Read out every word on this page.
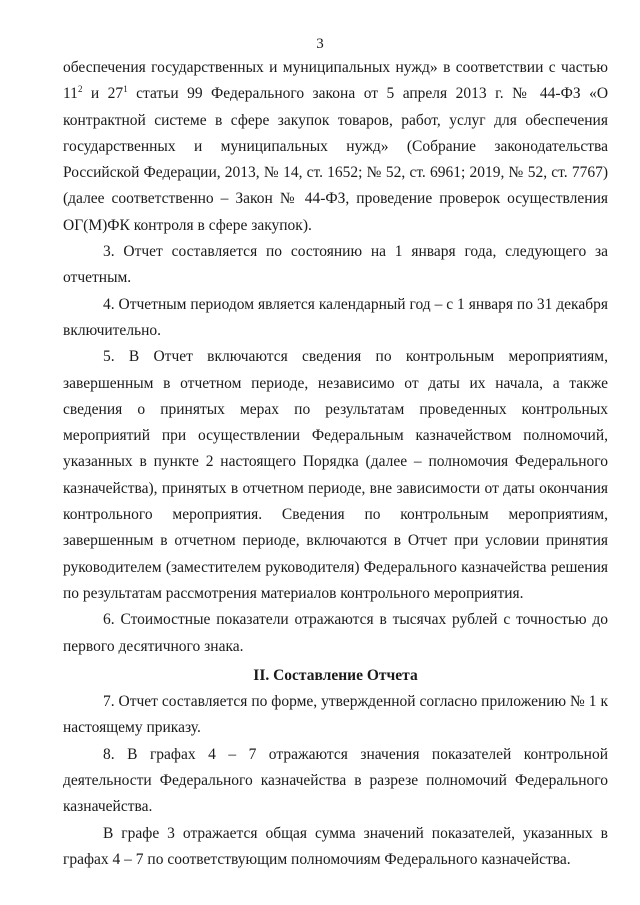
3

обеспечения государственных и муниципальных нужд» в соответствии с частью $11^2$ и $27^1$ статьи 99 Федерального закона от 5 апреля 2013 г. № 44-ФЗ «О контрактной системе в сфере закупок товаров, работ, услуг для обеспечения государственных и муниципальных нужд» (Собрание законодательства Российской Федерации, 2013, № 14, ст. 1652; № 52, ст. 6961; 2019, № 52, ст. 7767) (далее соответственно – Закон № 44-ФЗ, проведение проверок осуществления ОГ(М)ФК контроля в сфере закупок).

3. Отчет составляется по состоянию на 1 января года, следующего за отчетным.

4. Отчетным периодом является календарный год – с 1 января по 31 декабря включительно.

5. В Отчет включаются сведения по контрольным мероприятиям, завершенным в отчетном периоде, независимо от даты их начала, а также сведения о принятых мерах по результатам проведенных контрольных мероприятий при осуществлении Федеральным казначейством полномочий, указанных в пункте 2 настоящего Порядка (далее – полномочия Федерального казначейства), принятых в отчетном периоде, вне зависимости от даты окончания контрольного мероприятия. Сведения по контрольным мероприятиям, завершенным в отчетном периоде, включаются в Отчет при условии принятия руководителем (заместителем руководителя) Федерального казначейства решения по результатам рассмотрения материалов контрольного мероприятия.

6. Стоимостные показатели отражаются в тысячах рублей с точностью до первого десятичного знака.

II. Составление Отчета

7. Отчет составляется по форме, утвержденной согласно приложению № 1 к настоящему приказу.

8. В графах 4 – 7 отражаются значения показателей контрольной деятельности Федерального казначейства в разрезе полномочий Федерального казначейства.

В графе 3 отражается общая сумма значений показателей, указанных в графах 4 – 7 по соответствующим полномочиям Федерального казначейства.
